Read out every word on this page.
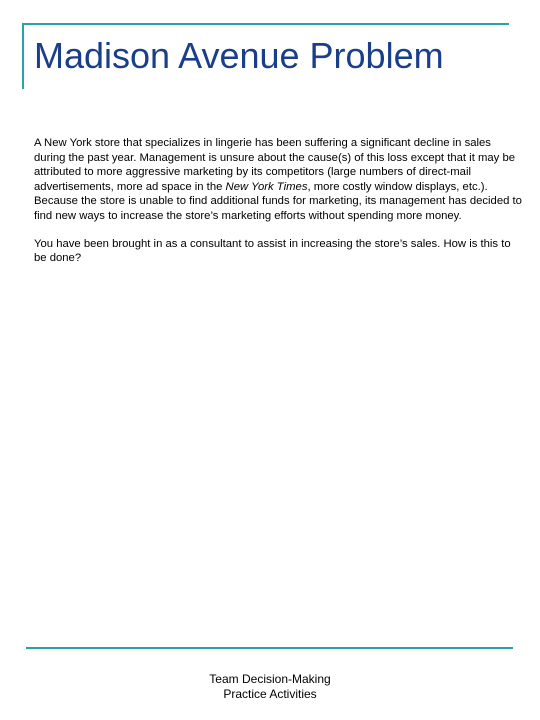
Madison Avenue Problem

A New York store that specializes in lingerie has been suffering a significant decline in sales during the past year. Management is unsure about the cause(s) of this loss except that it may be attributed to more aggressive marketing by its competitors (large numbers of direct-mail advertisements, more ad space in the New York Times, more costly window displays, etc.). Because the store is unable to find additional funds for marketing, its management has decided to find new ways to increase the store’s marketing efforts without spending more money.

You have been brought in as a consultant to assist in increasing the store’s sales. How is this to be done?

Team Decision-Making
Practice Activities
